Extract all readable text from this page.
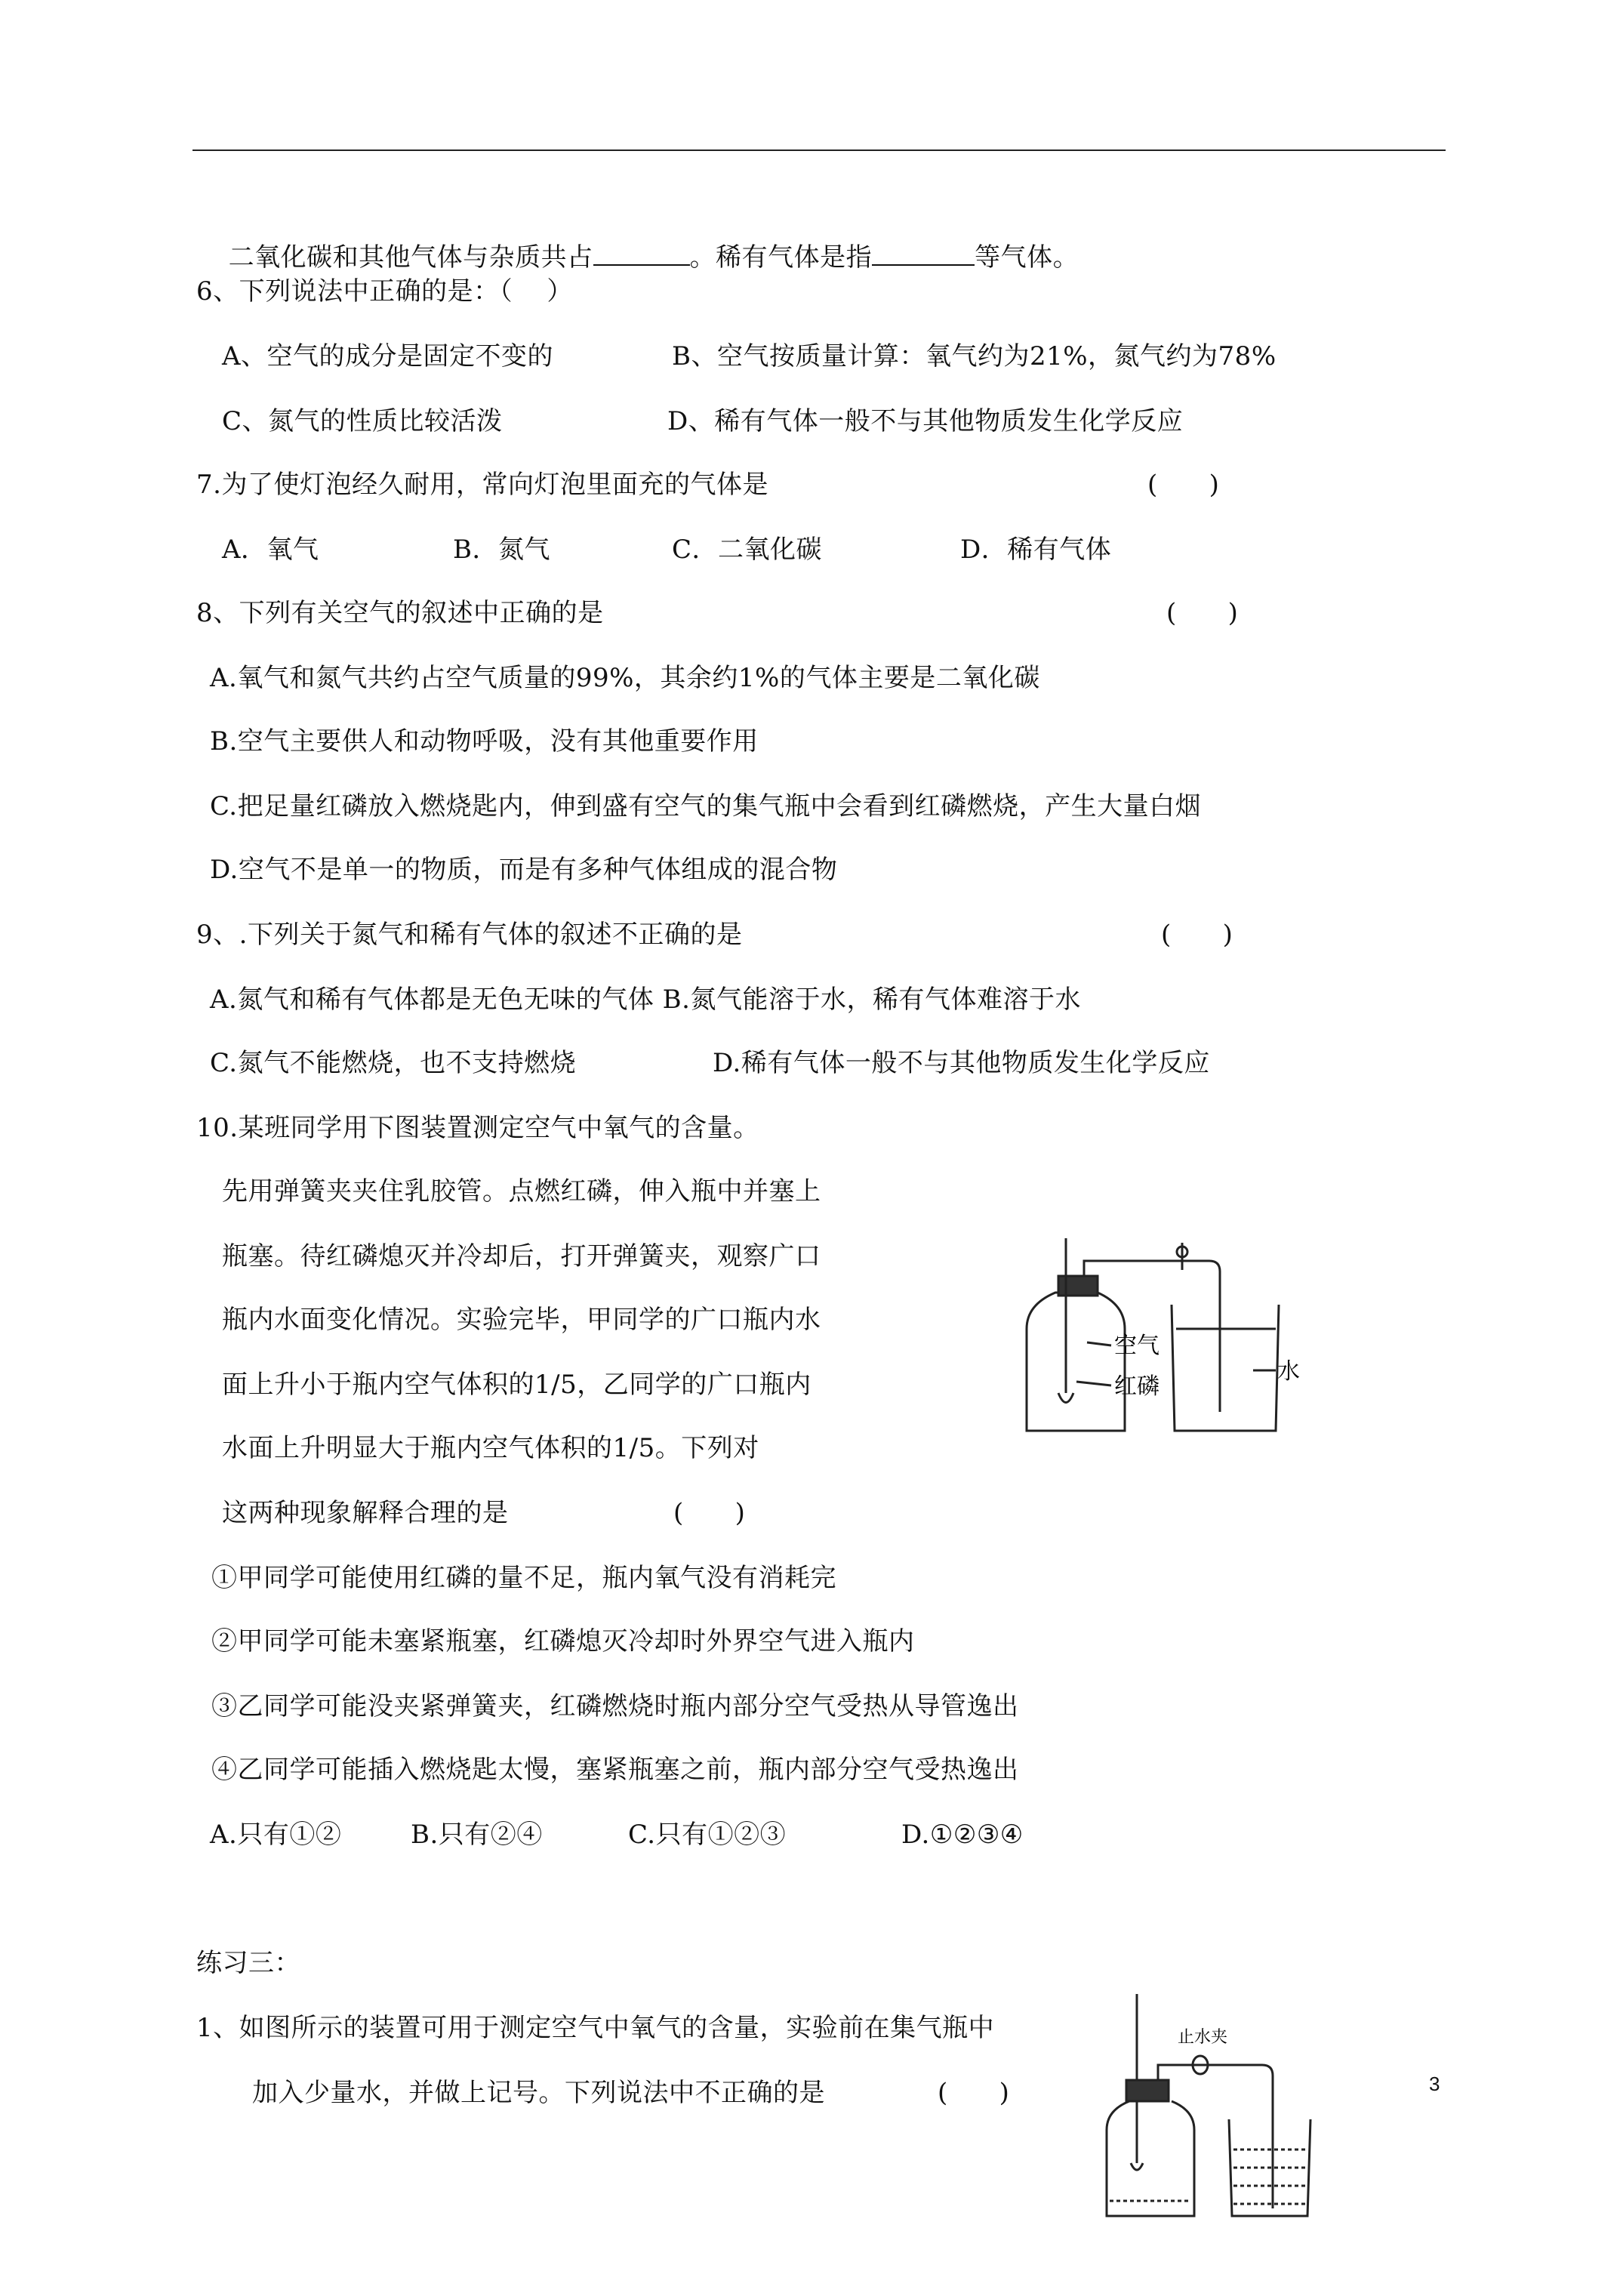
二氧化碳和其他气体与杂质共占	。稀有气体是指	等气体。

6、下列说法中正确的是：（    ）
A、空气的成分是固定不变的	B、空气按质量计算：氧气约为21%，氮气约为78%
C、氮气的性质比较活泼	D、稀有气体一般不与其他物质发生化学反应
7.为了使灯泡经久耐用，常向灯泡里面充的气体是	(      )
A．氧气	B．氮气	C．二氧化碳	D．稀有气体
8、下列有关空气的叙述中正确的是	(      )
A.氧气和氮气共约占空气质量的99%，其余约1%的气体主要是二氧化碳
B.空气主要供人和动物呼吸，没有其他重要作用
C.把足量红磷放入燃烧匙内，伸到盛有空气的集气瓶中会看到红磷燃烧，产生大量白烟
D.空气不是单一的物质，而是有多种气体组成的混合物
9、.下列关于氮气和稀有气体的叙述不正确的是	(      )
A.氮气和稀有气体都是无色无味的气体 B.氮气能溶于水，稀有气体难溶于水
C.氮气不能燃烧，也不支持燃烧	D.稀有气体一般不与其他物质发生化学反应
10.某班同学用下图装置测定空气中氧气的含量。
先用弹簧夹夹住乳胶管。点燃红磷，伸入瓶中并塞上
瓶塞。待红磷熄灭并冷却后，打开弹簧夹，观察广口
瓶内水面变化情况。实验完毕，甲同学的广口瓶内水
面上升小于瓶内空气体积的1/5，乙同学的广口瓶内
水面上升明显大于瓶内空气体积的1/5。下列对
这两种现象解释合理的是	(      )
空气
红磷
水
①甲同学可能使用红磷的量不足，瓶内氧气没有消耗完
②甲同学可能未塞紧瓶塞，红磷熄灭冷却时外界空气进入瓶内
③乙同学可能没夹紧弹簧夹，红磷燃烧时瓶内部分空气受热从导管逸出
④乙同学可能插入燃烧匙太慢，塞紧瓶塞之前，瓶内部分空气受热逸出
A.只有①②	B.只有②④	C.只有①②③	D.①②③④
练习三：
1、如图所示的装置可用于测定空气中氧气的含量，实验前在集气瓶中
加入少量水，并做上记号。下列说法中不正确的是	(      )
止水夹
3
